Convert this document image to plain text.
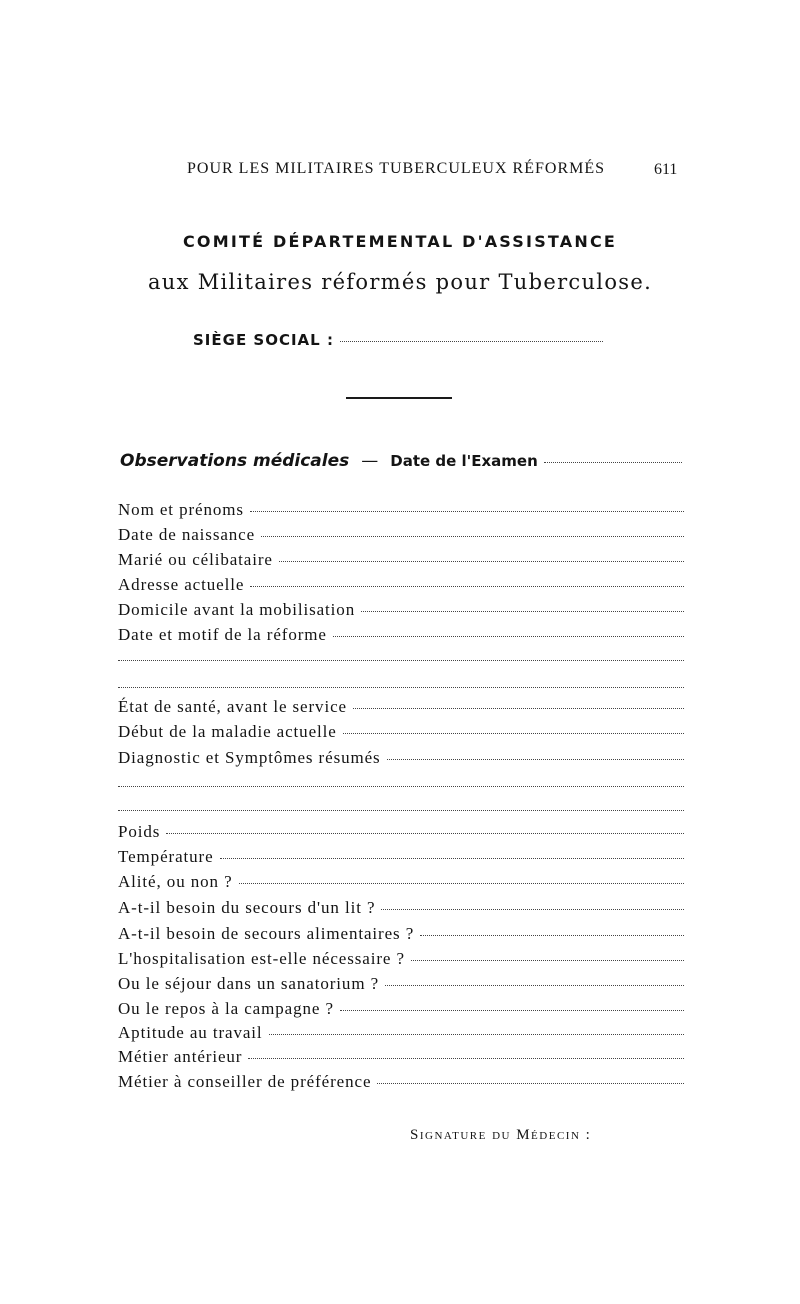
POUR LES MILITAIRES TUBERCULEUX RÉFORMÉS	611
COMITÉ DÉPARTEMENTAL D'ASSISTANCE
aux Militaires réformés pour Tuberculose.
SIÈGE SOCIAL :
Observations médicales — Date de l'Examen
Nom et prénoms
Date de naissance
Marié ou célibataire
Adresse actuelle
Domicile avant la mobilisation
Date et motif de la réforme
État de santé, avant le service
Début de la maladie actuelle
Diagnostic et Symptômes résumés
Poids
Température
Alité, ou non ?
A-t-il besoin du secours d'un lit ?
A-t-il besoin de secours alimentaires ?
L'hospitalisation est-elle nécessaire ?
Ou le séjour dans un sanatorium ?
Ou le repos à la campagne ?
Aptitude au travail
Métier antérieur
Métier à conseiller de préférence
Signature du Médecin :
